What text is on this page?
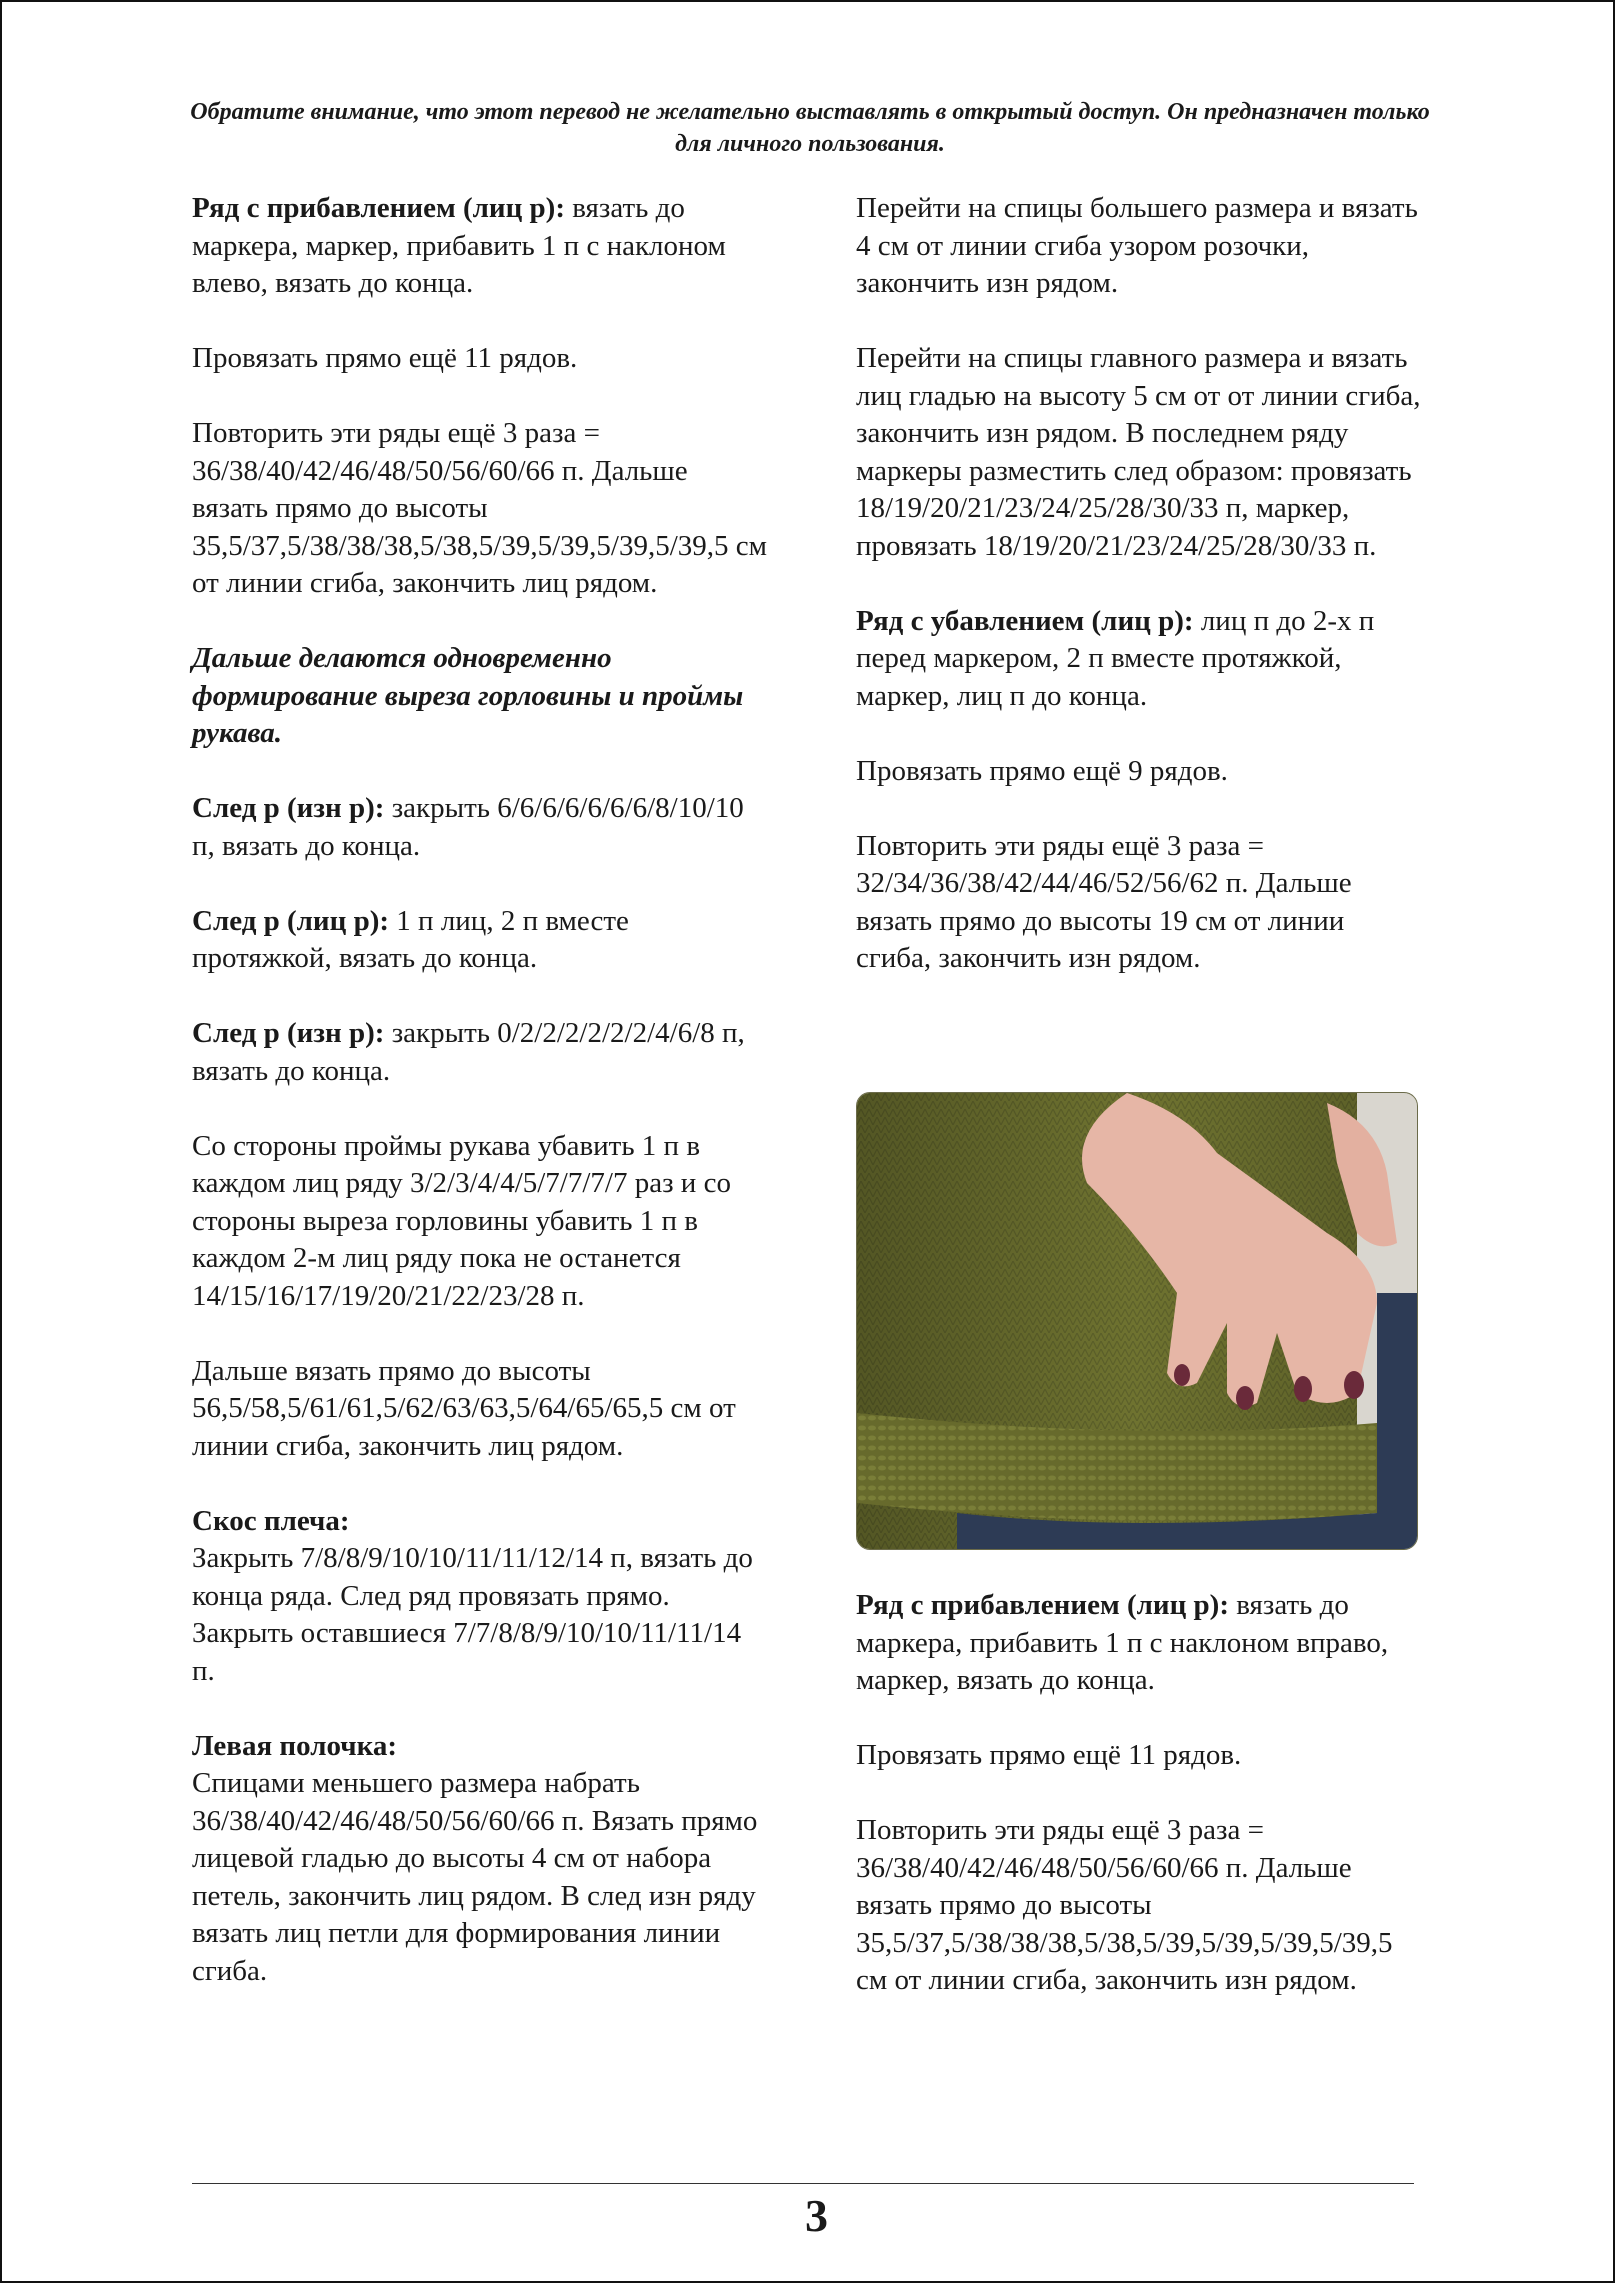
Обратите внимание, что этот перевод не желательно выставлять в открытый доступ. Он предназначен только для личного пользования.

Ряд с прибавлением (лиц р): вязать до маркера, маркер, прибавить 1 п с наклоном влево, вязать до конца.

Провязать прямо ещё 11 рядов.

Повторить эти ряды ещё 3 раза = 36/38/40/42/46/48/50/56/60/66 п. Дальше вязать прямо до высоты 35,5/37,5/38/38/38,5/38,5/39,5/39,5/39,5/39,5 см от линии сгиба, закончить лиц рядом.

Дальше делаются одновременно формирование выреза горловины и проймы рукава.

След р (изн р): закрыть 6/6/6/6/6/6/6/8/10/10 п, вязать до конца.

След р (лиц р): 1 п лиц, 2 п вместе протяжкой, вязать до конца.

След р (изн р): закрыть 0/2/2/2/2/2/2/4/6/8 п, вязать до конца.

Со стороны проймы рукава убавить 1 п в каждом лиц ряду 3/2/3/4/4/5/7/7/7/7 раз и со стороны выреза горловины убавить 1 п в каждом 2-м лиц ряду пока не останется 14/15/16/17/19/20/21/22/23/28 п.

Дальше вязать прямо до высоты 56,5/58,5/61/61,5/62/63/63,5/64/65/65,5 см от линии сгиба, закончить лиц рядом.

Скос плеча:
Закрыть 7/8/8/9/10/10/11/11/12/14 п, вязать до конца ряда. След ряд провязать прямо. Закрыть оставшиеся 7/7/8/8/9/10/10/11/11/14 п.

Левая полочка:
Спицами меньшего размера набрать 36/38/40/42/46/48/50/56/60/66 п. Вязать прямо лицевой гладью до высоты 4 см от набора петель, закончить лиц рядом. В след изн ряду вязать лиц петли для формирования линии сгиба.

Перейти на спицы большего размера и вязать 4 см от линии сгиба узором розочки, закончить изн рядом.

Перейти на спицы главного размера и вязать лиц гладью на высоту 5 см от от линии сгиба, закончить изн рядом. В последнем ряду маркеры разместить след образом: провязать 18/19/20/21/23/24/25/28/30/33 п, маркер, провязать 18/19/20/21/23/24/25/28/30/33 п.

Ряд с убавлением (лиц р): лиц п до 2-х п перед маркером, 2 п вместе протяжкой, маркер, лиц п до конца.

Провязать прямо ещё 9 рядов.

Повторить эти ряды ещё 3 раза = 32/34/36/38/42/44/46/52/56/62 п. Дальше вязать прямо до высоты 19 см от линии сгиба, закончить изн рядом.

Ряд с прибавлением (лиц р): вязать до маркера, прибавить 1 п с наклоном вправо, маркер, вязать до конца.

Провязать прямо ещё 11 рядов.

Повторить эти ряды ещё 3 раза = 36/38/40/42/46/48/50/56/60/66 п. Дальше вязать прямо до высоты 35,5/37,5/38/38/38,5/38,5/39,5/39,5/39,5/39,5 см от линии сгиба, закончить изн рядом.

3
